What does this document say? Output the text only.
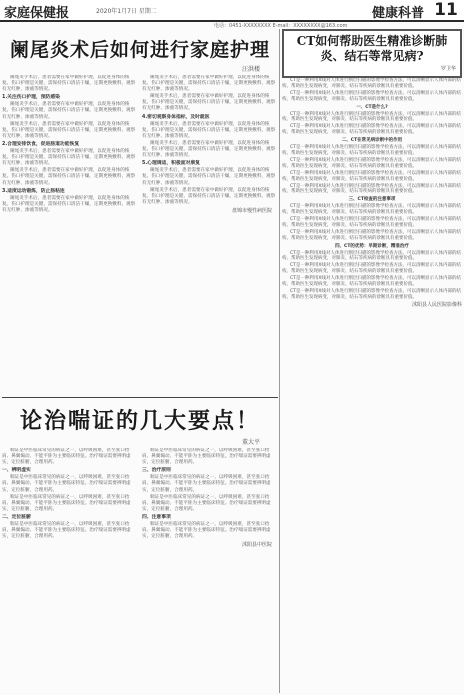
家庭保健报	2020年1月7日 星期二	健康科普 11
电话：0451-XXXXXXXX E-mail：XXXXXXXX@163.com
阑尾炎术后如何进行家庭护理
汪洪楼

阑尾炎手术后，患者需要在家中做好护理，以促进身体的恢复。伤口护理是关键，需保持伤口清洁干燥，定期更换敷料，观察有无红肿、渗液等情况。

1.关注伤口护理，预防感染

阑尾炎手术后，患者需要在家中做好护理，以促进身体的恢复。伤口护理是关键，需保持伤口清洁干燥，定期更换敷料，观察有无红肿、渗液等情况。

阑尾炎手术后，患者需要在家中做好护理，以促进身体的恢复。伤口护理是关键，需保持伤口清洁干燥，定期更换敷料，观察有无红肿、渗液等情况。

2.合理安排饮食，促进肠道功能恢复

阑尾炎手术后，患者需要在家中做好护理，以促进身体的恢复。伤口护理是关键，需保持伤口清洁干燥，定期更换敷料，观察有无红肿、渗液等情况。

阑尾炎手术后，患者需要在家中做好护理，以促进身体的恢复。伤口护理是关键，需保持伤口清洁干燥，定期更换敷料，观察有无红肿、渗液等情况。

3.适度运动锻炼，防止肠粘连

阑尾炎手术后，患者需要在家中做好护理，以促进身体的恢复。伤口护理是关键，需保持伤口清洁干燥，定期更换敷料，观察有无红肿、渗液等情况。

阑尾炎手术后，患者需要在家中做好护理，以促进身体的恢复。伤口护理是关键，需保持伤口清洁干燥，定期更换敷料，观察有无红肿、渗液等情况。

阑尾炎手术后，患者需要在家中做好护理，以促进身体的恢复。伤口护理是关键，需保持伤口清洁干燥，定期更换敷料，观察有无红肿、渗液等情况。

4.密切观察身体指标，及时就医

阑尾炎手术后，患者需要在家中做好护理，以促进身体的恢复。伤口护理是关键，需保持伤口清洁干燥，定期更换敷料，观察有无红肿、渗液等情况。

阑尾炎手术后，患者需要在家中做好护理，以促进身体的恢复。伤口护理是关键，需保持伤口清洁干燥，定期更换敷料，观察有无红肿、渗液等情况。

5.心理调适，积极面对康复

阑尾炎手术后，患者需要在家中做好护理，以促进身体的恢复。伤口护理是关键，需保持伤口清洁干燥，定期更换敷料，观察有无红肿、渗液等情况。

阑尾炎手术后，患者需要在家中做好护理，以促进身体的恢复。伤口护理是关键，需保持伤口清洁干燥，定期更换敷料，观察有无红肿、渗液等情况。

盘锦市慢性病医院
论治喘证的几大要点！
董大平

喘证是中医临床常见的病证之一，以呼吸困难，甚至张口抬肩、鼻翼煽动、不能平卧为主要临床特征。治疗喘证需要辨明虚实，定位脏腑，合理用药。

一、辨明虚实

喘证是中医临床常见的病证之一，以呼吸困难，甚至张口抬肩、鼻翼煽动、不能平卧为主要临床特征。治疗喘证需要辨明虚实，定位脏腑，合理用药。

喘证是中医临床常见的病证之一，以呼吸困难，甚至张口抬肩、鼻翼煽动、不能平卧为主要临床特征。治疗喘证需要辨明虚实，定位脏腑，合理用药。

二、定位脏腑

喘证是中医临床常见的病证之一，以呼吸困难，甚至张口抬肩、鼻翼煽动、不能平卧为主要临床特征。治疗喘证需要辨明虚实，定位脏腑，合理用药。

喘证是中医临床常见的病证之一，以呼吸困难，甚至张口抬肩、鼻翼煽动、不能平卧为主要临床特征。治疗喘证需要辨明虚实，定位脏腑，合理用药。

三、治疗原则

喘证是中医临床常见的病证之一，以呼吸困难，甚至张口抬肩、鼻翼煽动、不能平卧为主要临床特征。治疗喘证需要辨明虚实，定位脏腑，合理用药。

喘证是中医临床常见的病证之一，以呼吸困难，甚至张口抬肩、鼻翼煽动、不能平卧为主要临床特征。治疗喘证需要辨明虚实，定位脏腑，合理用药。

四、注意事项

喘证是中医临床常见的病证之一，以呼吸困难，甚至张口抬肩、鼻翼煽动、不能平卧为主要临床特征。治疗喘证需要辨明虚实，定位脏腑，合理用药。

沭阳县中医院
CT如何帮助医生精准诊断肺炎、结石等常见病?
罗卫华

CT是一种利用X线对人体进行断层扫描的影像学检查方法，可以清晰显示人体内部的结构，帮助医生发现病变，对肺炎、结石等疾病的诊断具有重要价值。

CT是一种利用X线对人体进行断层扫描的影像学检查方法，可以清晰显示人体内部的结构，帮助医生发现病变，对肺炎、结石等疾病的诊断具有重要价值。

一、CT是什么?

CT是一种利用X线对人体进行断层扫描的影像学检查方法，可以清晰显示人体内部的结构，帮助医生发现病变，对肺炎、结石等疾病的诊断具有重要价值。

CT是一种利用X线对人体进行断层扫描的影像学检查方法，可以清晰显示人体内部的结构，帮助医生发现病变，对肺炎、结石等疾病的诊断具有重要价值。

二、CT在常见病诊断中的作用

CT是一种利用X线对人体进行断层扫描的影像学检查方法，可以清晰显示人体内部的结构，帮助医生发现病变，对肺炎、结石等疾病的诊断具有重要价值。

CT是一种利用X线对人体进行断层扫描的影像学检查方法，可以清晰显示人体内部的结构，帮助医生发现病变，对肺炎、结石等疾病的诊断具有重要价值。

CT是一种利用X线对人体进行断层扫描的影像学检查方法，可以清晰显示人体内部的结构，帮助医生发现病变，对肺炎、结石等疾病的诊断具有重要价值。

CT是一种利用X线对人体进行断层扫描的影像学检查方法，可以清晰显示人体内部的结构，帮助医生发现病变，对肺炎、结石等疾病的诊断具有重要价值。

三、CT检查的注意事项

CT是一种利用X线对人体进行断层扫描的影像学检查方法，可以清晰显示人体内部的结构，帮助医生发现病变，对肺炎、结石等疾病的诊断具有重要价值。

CT是一种利用X线对人体进行断层扫描的影像学检查方法，可以清晰显示人体内部的结构，帮助医生发现病变，对肺炎、结石等疾病的诊断具有重要价值。

CT是一种利用X线对人体进行断层扫描的影像学检查方法，可以清晰显示人体内部的结构，帮助医生发现病变，对肺炎、结石等疾病的诊断具有重要价值。

四、CT的优势：早期诊断，精准治疗

CT是一种利用X线对人体进行断层扫描的影像学检查方法，可以清晰显示人体内部的结构，帮助医生发现病变，对肺炎、结石等疾病的诊断具有重要价值。

CT是一种利用X线对人体进行断层扫描的影像学检查方法，可以清晰显示人体内部的结构，帮助医生发现病变，对肺炎、结石等疾病的诊断具有重要价值。

CT是一种利用X线对人体进行断层扫描的影像学检查方法，可以清晰显示人体内部的结构，帮助医生发现病变，对肺炎、结石等疾病的诊断具有重要价值。

CT是一种利用X线对人体进行断层扫描的影像学检查方法，可以清晰显示人体内部的结构，帮助医生发现病变，对肺炎、结石等疾病的诊断具有重要价值。

沭阳县人民医院影像科
